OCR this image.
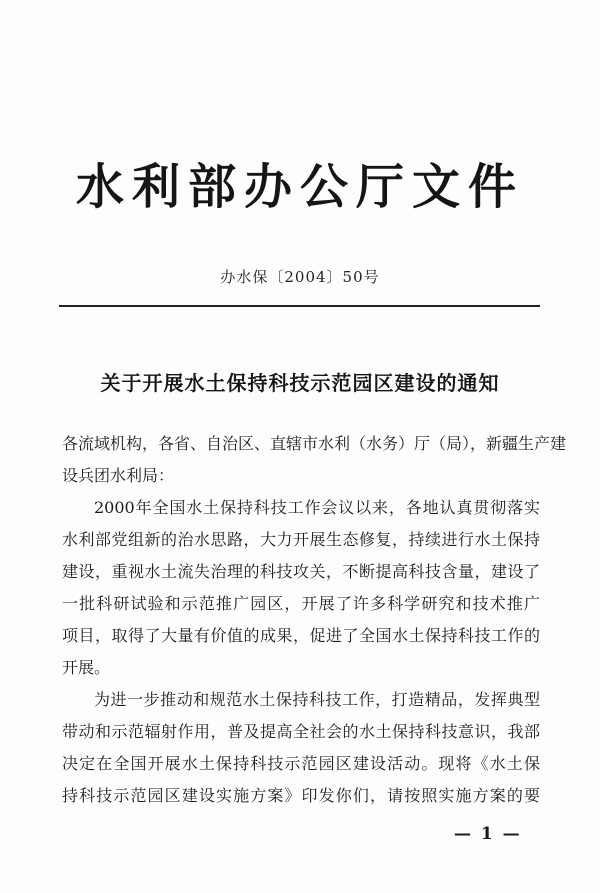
水利部办公厅文件
办水保〔2004〕50号
关于开展水土保持科技示范园区建设的通知

各流域机构，各省、自治区、直辖市水利（水务）厅（局），新疆生产建
设兵团水利局：

2000年全国水土保持科技工作会议以来，各地认真贯彻落实
水利部党组新的治水思路，大力开展生态修复，持续进行水土保持
建设，重视水土流失治理的科技攻关，不断提高科技含量，建设了
一批科研试验和示范推广园区，开展了许多科学研究和技术推广
项目，取得了大量有价值的成果，促进了全国水土保持科技工作的
开展。

为进一步推动和规范水土保持科技工作，打造精品，发挥典型
带动和示范辐射作用，普及提高全社会的水土保持科技意识，我部
决定在全国开展水土保持科技示范园区建设活动。现将《水土保
持科技示范园区建设实施方案》印发你们，请按照实施方案的要

— 1 —
